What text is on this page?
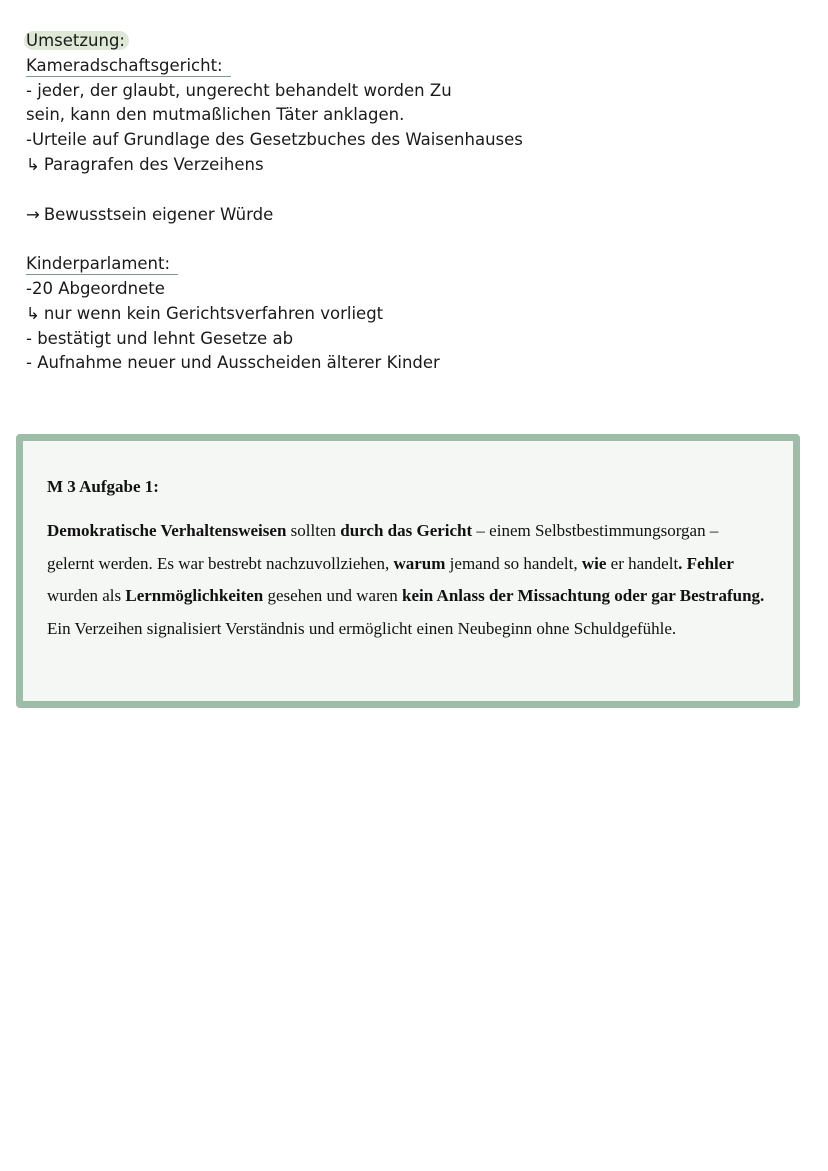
Umsetzung:
Kameradschaftsgericht:
- jeder, der glaubt, ungerecht behandelt worden Zu
sein, kann den mutmaßlichen Täter anklagen.
-Urteile auf Grundlage des Gesetzbuches des Waisenhauses
↳ Paragrafen des Verzeihens
→ Bewusstsein eigener Würde
Kinderparlament:
-20 Abgeordnete
↳ nur wenn kein Gerichtsverfahren vorliegt
- bestätigt und lehnt Gesetze ab
- Aufnahme neuer und Ausscheiden älterer Kinder

M 3 Aufgabe 1:

Demokratische Verhaltensweisen sollten durch das Gericht – einem Selbstbestimmungsorgan – gelernt werden. Es war bestrebt nachzuvollziehen, warum jemand so handelt, wie er handelt. Fehler wurden als Lernmöglichkeiten gesehen und waren kein Anlass der Missachtung oder gar Bestrafung. Ein Verzeihen signalisiert Verständnis und ermöglicht einen Neubeginn ohne Schuldgefühle.
